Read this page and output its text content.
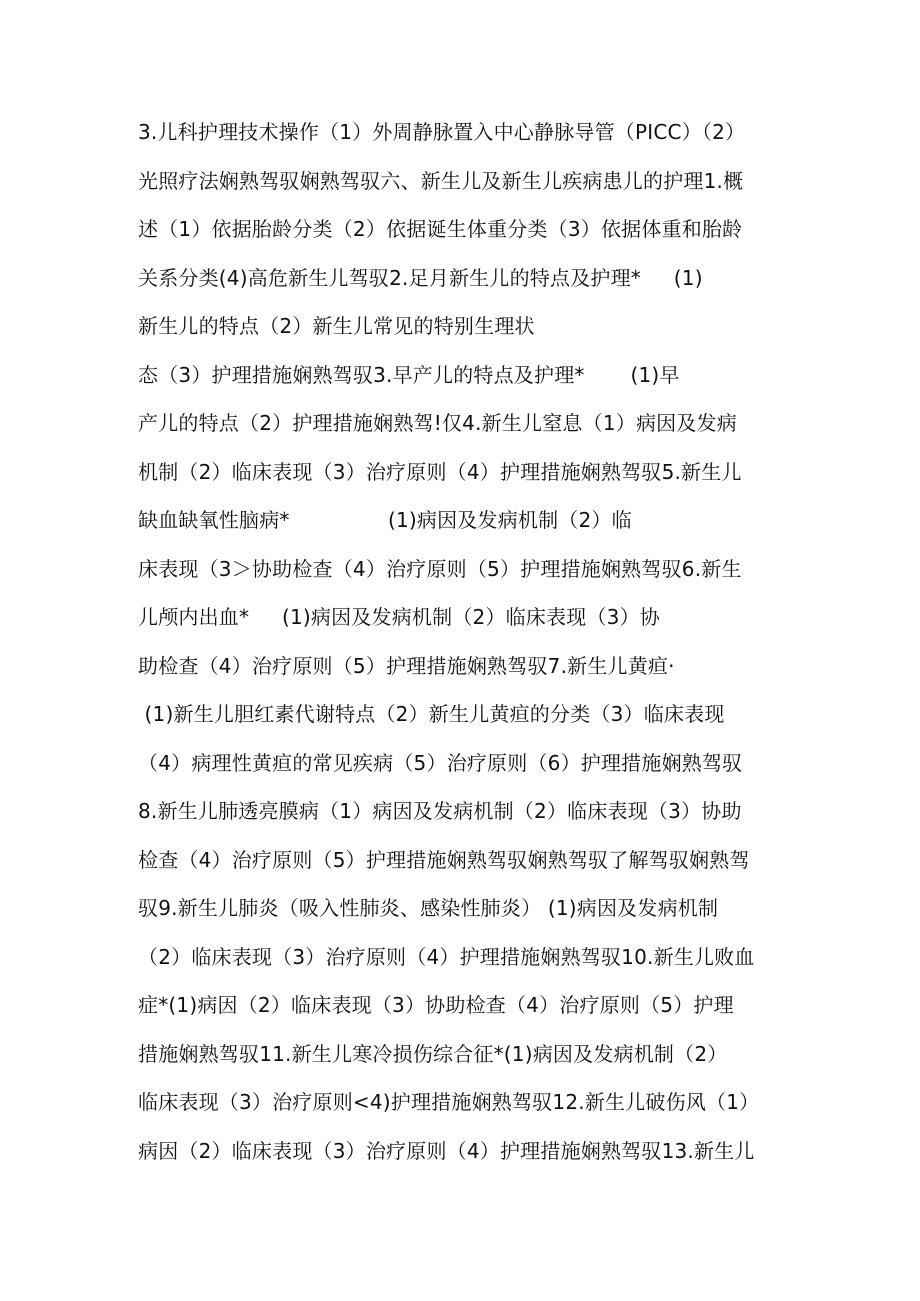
3.儿科护理技术操作（1）外周静脉置入中心静脉导管（PICC）（2）
光照疗法娴熟驾驭娴熟驾驭六、新生儿及新生儿疾病患儿的护理1.概
述（1）依据胎龄分类（2）依据诞生体重分类（3）依据体重和胎龄
关系分类(4)高危新生儿驾驭2.足月新生儿的特点及护理*     (1)
新生儿的特点（2）新生儿常见的特别生理状
态（3）护理措施娴熟驾驭3.早产儿的特点及护理*       (1)早
产儿的特点（2）护理措施娴熟驾!仅4.新生儿窒息（1）病因及发病
机制（2）临床表现（3）治疗原则（4）护理措施娴熟驾驭5.新生儿
缺血缺氧性脑病*               (1)病因及发病机制（2）临
床表现（3＞协助检查（4）治疗原则（5）护理措施娴熟驾驭6.新生
儿颅内出血*     (1)病因及发病机制（2）临床表现（3）协
助检查（4）治疗原则（5）护理措施娴熟驾驭7.新生儿黄疸·
(1)新生儿胆红素代谢特点（2）新生儿黄疸的分类（3）临床表现
（4）病理性黄疸的常见疾病（5）治疗原则（6）护理措施娴熟驾驭
8.新生儿肺透亮膜病（1）病因及发病机制（2）临床表现（3）协助
检查（4）治疗原则（5）护理措施娴熟驾驭娴熟驾驭了解驾驭娴熟驾
驭9.新生儿肺炎（吸入性肺炎、感染性肺炎） (1)病因及发病机制
（2）临床表现（3）治疗原则（4）护理措施娴熟驾驭10.新生儿败血
症*(1)病因（2）临床表现（3）协助检查（4）治疗原则（5）护理
措施娴熟驾驭11.新生儿寒冷损伤综合征*(1)病因及发病机制（2）
临床表现（3）治疗原则<4)护理措施娴熟驾驭12.新生儿破伤风（1）
病因（2）临床表现（3）治疗原则（4）护理措施娴熟驾驭13.新生儿
